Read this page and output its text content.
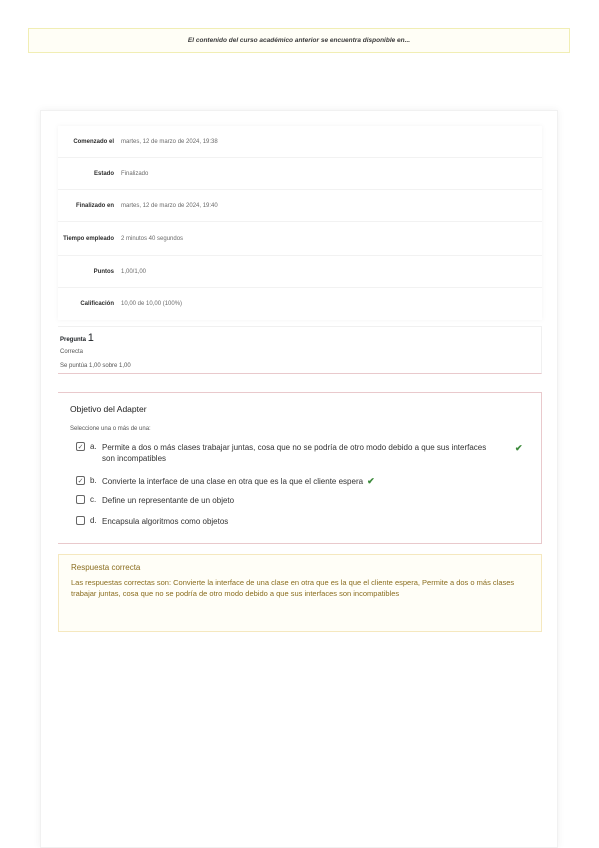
El contenido del curso académico anterior se encuentra disponible en...
Comenzado el	martes, 12 de marzo de 2024, 19:38
Estado	Finalizado
Finalizado en	martes, 12 de marzo de 2024, 19:40
Tiempo empleado	2 minutos 40 segundos
Puntos	1,00/1,00
Calificación	10,00 de 10,00 (100%)
Pregunta 1
Correcta
Se puntúa 1,00 sobre 1,00
Objetivo del Adapter
Seleccione una o más de una:
✓ a. Permite a dos o más clases trabajar juntas, cosa que no se podría de otro modo debido a que sus interfaces son incompatibles
✔
✓ b. Convierte la interface de una clase en otra que es la que el cliente espera ✔
c. Define un representante de un objeto
d. Encapsula algoritmos como objetos
Respuesta correcta
Las respuestas correctas son: Convierte la interface de una clase en otra que es la que el cliente espera, Permite a dos o más clases trabajar juntas, cosa que no se podría de otro modo debido a que sus interfaces son incompatibles
